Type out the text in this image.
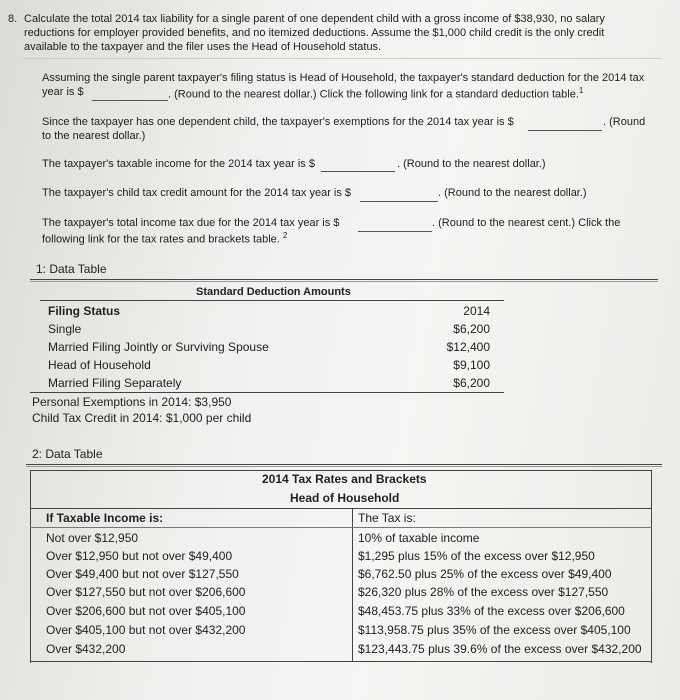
8. Calculate the total 2014 tax liability for a single parent of one dependent child with a gross income of $38,930, no salary
reductions for employer provided benefits, and no itemized deductions. Assume the $1,000 child credit is the only credit
available to the taxpayer and the filer uses the Head of Household status.
Assuming the single parent taxpayer's filing status is Head of Household, the taxpayer's standard deduction for the 2014 tax
year is $	. (Round to the nearest dollar.) Click the following link for a standard deduction table.$^1$
Since the taxpayer has one dependent child, the taxpayer's exemptions for the 2014 tax year is $	. (Round
to the nearest dollar.)
The taxpayer's taxable income for the 2014 tax year is $	. (Round to the nearest dollar.)
The taxpayer's child tax credit amount for the 2014 tax year is $	. (Round to the nearest dollar.)
The taxpayer's total income tax due for the 2014 tax year is $	. (Round to the nearest cent.) Click the
following link for the tax rates and brackets table. $^2$
1: Data Table
Standard Deduction Amounts
Filing Status	2014
Single	$6,200
Married Filing Jointly or Surviving Spouse	$12,400
Head of Household	$9,100
Married Filing Separately	$6,200
Personal Exemptions in 2014: $3,950
Child Tax Credit in 2014: $1,000 per child
2: Data Table
2014 Tax Rates and Brackets
Head of Household
If Taxable Income is:	The Tax is:
Not over $12,950	10% of taxable income
Over $12,950 but not over $49,400	$1,295 plus 15% of the excess over $12,950
Over $49,400 but not over $127,550	$6,762.50 plus 25% of the excess over $49,400
Over $127,550 but not over $206,600	$26,320 plus 28% of the excess over $127,550
Over $206,600 but not over $405,100	$48,453.75 plus 33% of the excess over $206,600
Over $405,100 but not over $432,200	$113,958.75 plus 35% of the excess over $405,100
Over $432,200	$123,443.75 plus 39.6% of the excess over $432,200
